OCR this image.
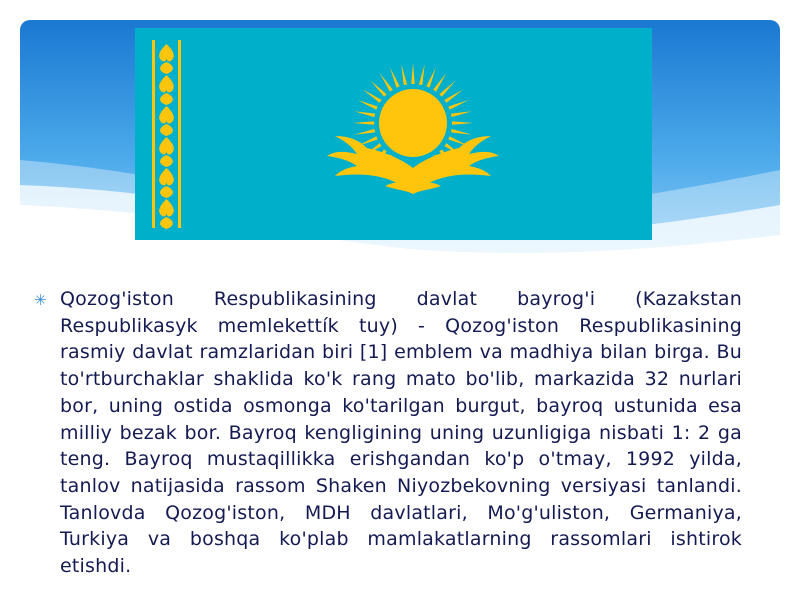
✳ Qozog'iston Respublikasining davlat bayrog'i (Kazakstan Respublikasyk memlekettík tuy) - Qozog'iston Respublikasining rasmiy davlat ramzlaridan biri [1] emblem va madhiya bilan birga. Bu to'rtburchaklar shaklida ko'k rang mato bo'lib, markazida 32 nurlari bor, uning ostida osmonga ko'tarilgan burgut, bayroq ustunida esa milliy bezak bor. Bayroq kengligining uning uzunligiga nisbati 1: 2 ga teng. Bayroq mustaqillikka erishgandan ko'p o'tmay, 1992 yilda, tanlov natijasida rassom Shaken Niyozbekovning versiyasi tanlandi. Tanlovda Qozog'iston, MDH davlatlari, Mo'g'uliston, Germaniya, Turkiya va boshqa ko'plab mamlakatlarning rassomlari ishtirok etishdi.
